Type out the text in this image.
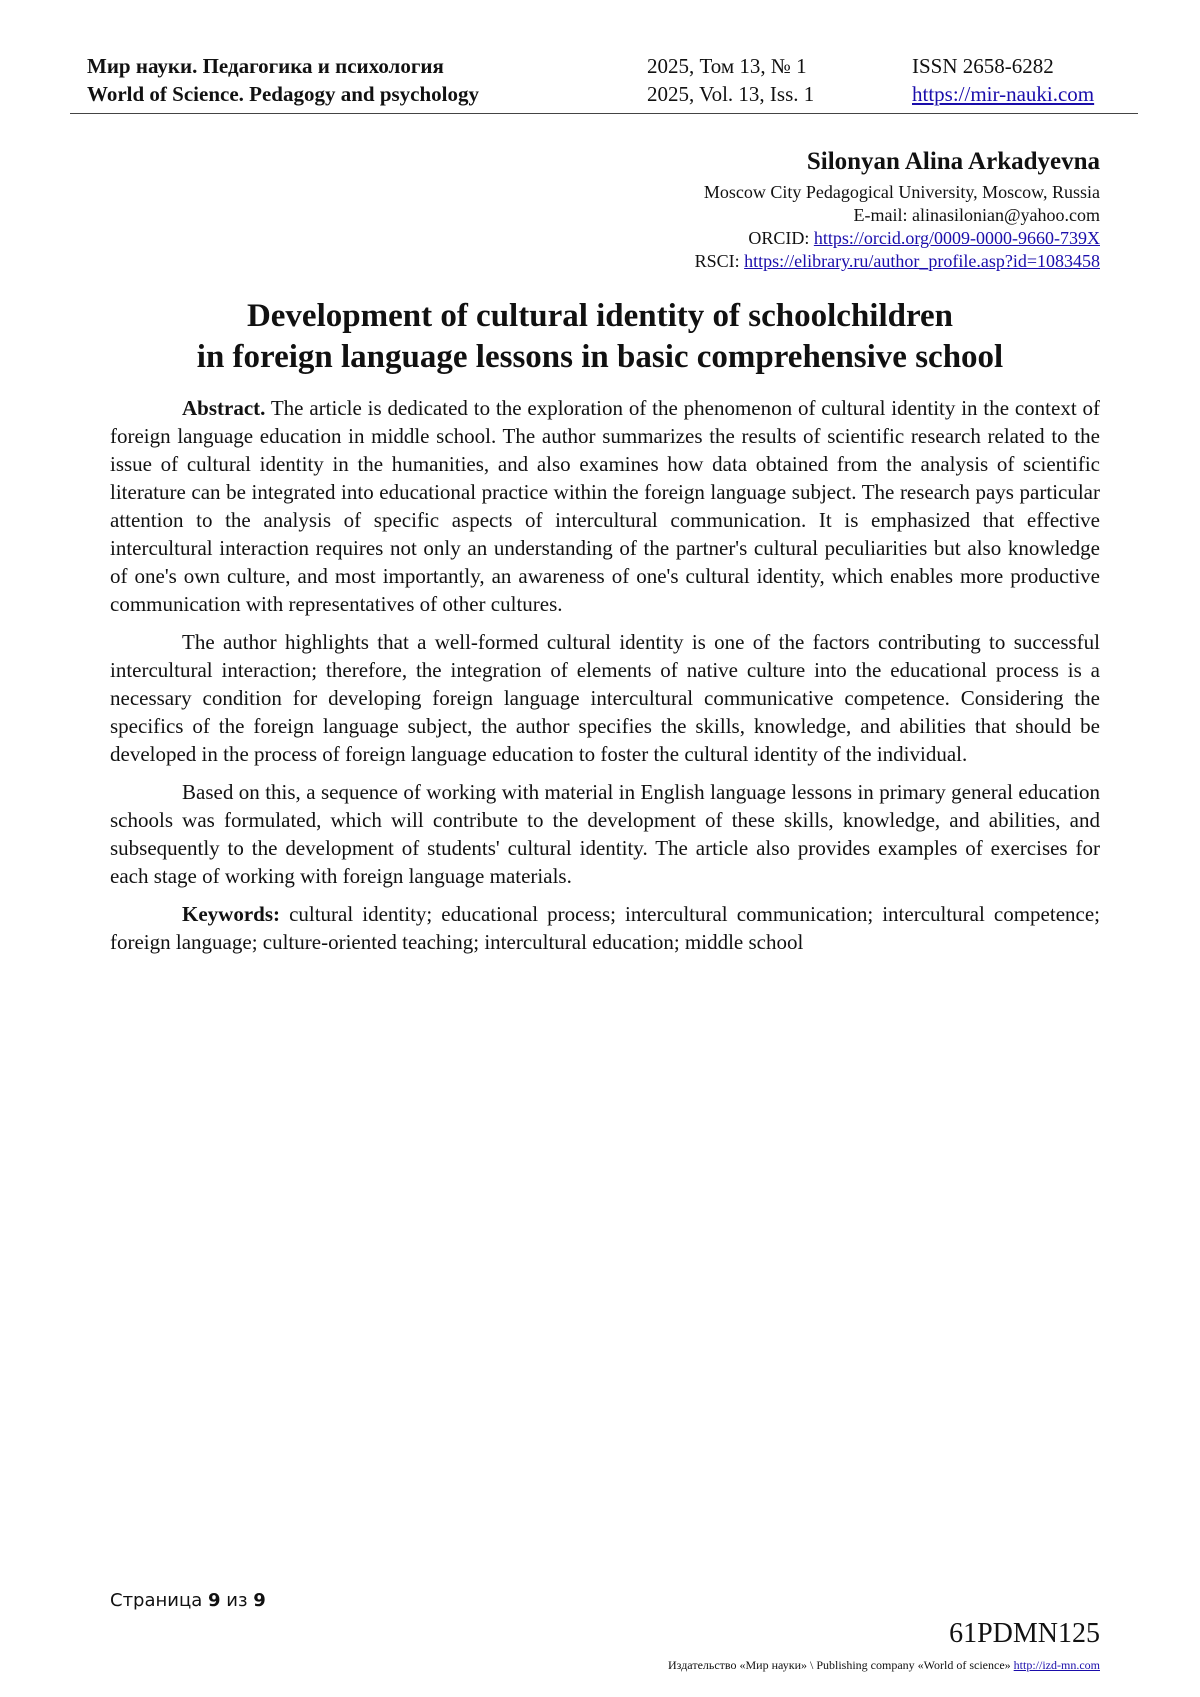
Мир науки. Педагогика и психология	2025, Том 13, № 1	ISSN 2658-6282
World of Science. Pedagogy and psychology	2025, Vol. 13, Iss. 1	https://mir-nauki.com
Silonyan Alina Arkadyevna
Moscow City Pedagogical University, Moscow, Russia
E-mail: alinasilonian@yahoo.com
ORCID: https://orcid.org/0009-0000-9660-739X
RSCI: https://elibrary.ru/author_profile.asp?id=1083458
Development of cultural identity of schoolchildren
in foreign language lessons in basic comprehensive school

Abstract. The article is dedicated to the exploration of the phenomenon of cultural identity in the context of foreign language education in middle school. The author summarizes the results of scientific research related to the issue of cultural identity in the humanities, and also examines how data obtained from the analysis of scientific literature can be integrated into educational practice within the foreign language subject. The research pays particular attention to the analysis of specific aspects of intercultural communication. It is emphasized that effective intercultural interaction requires not only an understanding of the partner's cultural peculiarities but also knowledge of one's own culture, and most importantly, an awareness of one's cultural identity, which enables more productive communication with representatives of other cultures.

The author highlights that a well-formed cultural identity is one of the factors contributing to successful intercultural interaction; therefore, the integration of elements of native culture into the educational process is a necessary condition for developing foreign language intercultural communicative competence. Considering the specifics of the foreign language subject, the author specifies the skills, knowledge, and abilities that should be developed in the process of foreign language education to foster the cultural identity of the individual.

Based on this, a sequence of working with material in English language lessons in primary general education schools was formulated, which will contribute to the development of these skills, knowledge, and abilities, and subsequently to the development of students' cultural identity. The article also provides examples of exercises for each stage of working with foreign language materials.

Keywords: cultural identity; educational process; intercultural communication; intercultural competence; foreign language; culture-oriented teaching; intercultural education; middle school

Страница 9 из 9
61PDMN125
Издательство «Мир науки» \ Publishing company «World of science» http://izd-mn.com
